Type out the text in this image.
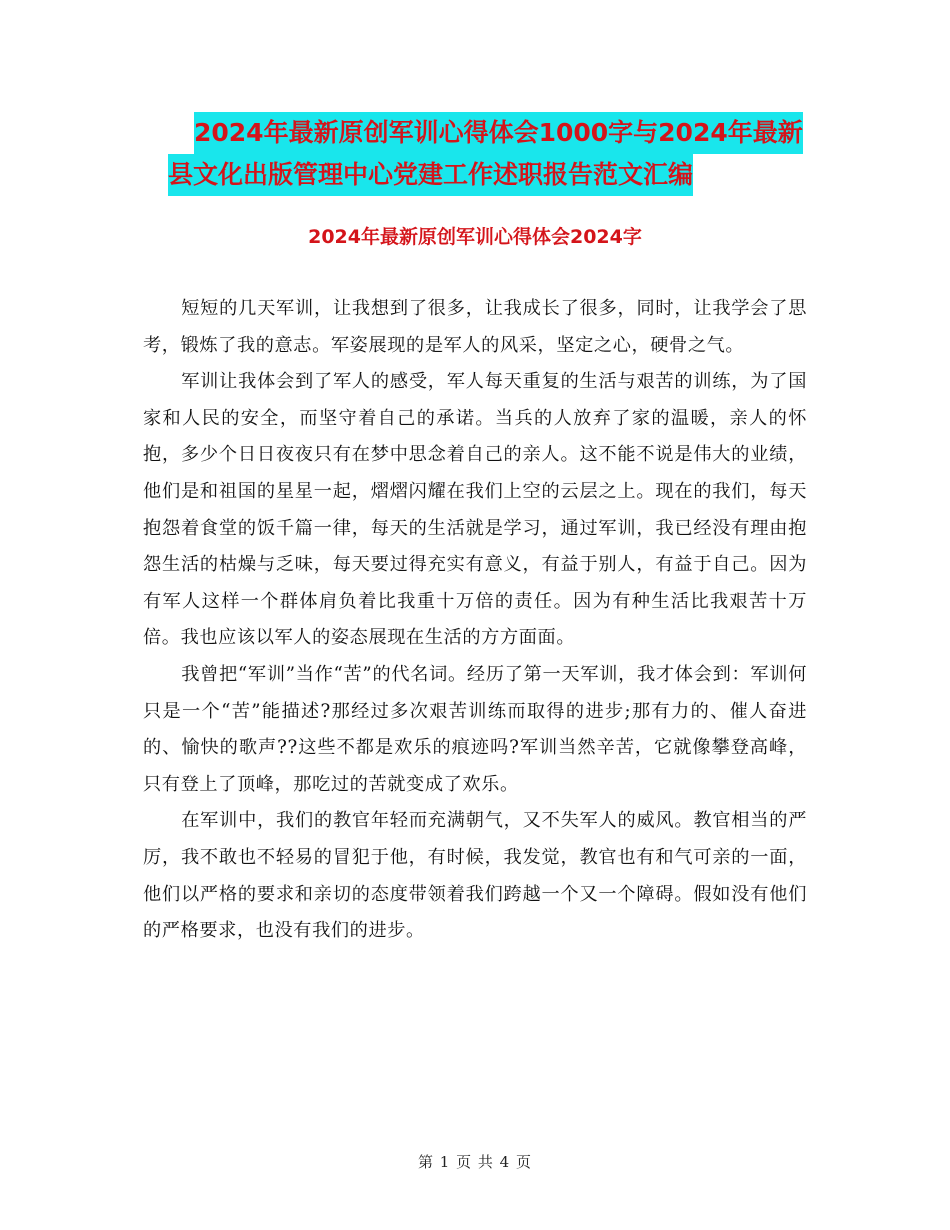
2024年最新原创军训心得体会1000字与2024年最新
县文化出版管理中心党建工作述职报告范文汇编
2024年最新原创军训心得体会2024字

短短的几天军训，让我想到了很多，让我成长了很多，同时，让我学会了思考，锻炼了我的意志。军姿展现的是军人的风采，坚定之心，硬骨之气。

军训让我体会到了军人的感受，军人每天重复的生活与艰苦的训练，为了国家和人民的安全，而坚守着自己的承诺。当兵的人放弃了家的温暖，亲人的怀抱，多少个日日夜夜只有在梦中思念着自己的亲人。这不能不说是伟大的业绩，他们是和祖国的星星一起，熠熠闪耀在我们上空的云层之上。现在的我们，每天抱怨着食堂的饭千篇一律，每天的生活就是学习，通过军训，我已经没有理由抱怨生活的枯燥与乏味，每天要过得充实有意义，有益于别人，有益于自己。因为有军人这样一个群体肩负着比我重十万倍的责任。因为有种生活比我艰苦十万倍。我也应该以军人的姿态展现在生活的方方面面。

我曾把“军训”当作“苦”的代名词。经历了第一天军训，我才体会到：军训何只是一个“苦”能描述?那经过多次艰苦训练而取得的进步;那有力的、催人奋进的、愉快的歌声??这些不都是欢乐的痕迹吗?军训当然辛苦，它就像攀登高峰，只有登上了顶峰，那吃过的苦就变成了欢乐。

在军训中，我们的教官年轻而充满朝气，又不失军人的威风。教官相当的严厉，我不敢也不轻易的冒犯于他，有时候，我发觉，教官也有和气可亲的一面，他们以严格的要求和亲切的态度带领着我们跨越一个又一个障碍。假如没有他们的严格要求，也没有我们的进步。

第 1 页 共 4 页
